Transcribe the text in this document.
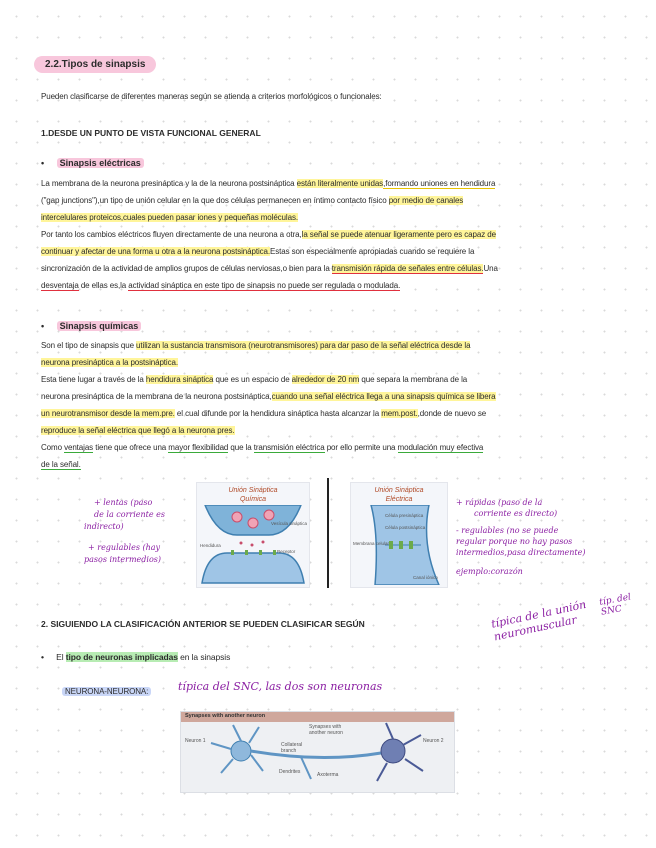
2.2.Tipos de sinapsis
Pueden clasificarse de diferentes maneras según se atienda a criterios morfológicos o funcionales:
1.DESDE UN PUNTO DE VISTA FUNCIONAL GENERAL
• Sinapsis eléctricas
La membrana de la neurona presináptica y la de la neurona postsináptica están literalmente unidas,formando uniones en hendidura
("gap junctions"),un tipo de unión celular en la que dos células permanecen en íntimo contacto físico por medio de canales
intercelulares proteicos,cuales pueden pasar iones y pequeñas moléculas.
Por tanto los cambios eléctricos fluyen directamente de una neurona a otra,la señal se puede atenuar ligeramente pero es capaz de
continuar y afectar de una forma u otra a la neurona postsináptica.Estas son especialmente apropiadas cuando se requiere la
sincronización de la actividad de amplios grupos de células nerviosas,o bien para la transmisión rápida de señales entre células.Una
desventaja de ellas es,la actividad sináptica en este tipo de sinapsis no puede ser regulada o modulada.
• Sinapsis químicas
Son el tipo de sinapsis que utilizan la sustancia transmisora (neurotransmisores) para dar paso de la señal eléctrica desde la
neurona presináptica a la postsináptica.
Esta tiene lugar a través de la hendidura sináptica que es un espacio de alrededor de 20 nm que separa la membrana de la
neurona presináptica de la membrana de la neurona postsináptica,cuando una señal eléctrica llega a una sinapsis química se libera
un neurotransmisor desde la mem.pre. el cual difunde por la hendidura sináptica hasta alcanzar la mem.post.,donde de nuevo se
reproduce la señal eléctrica que llegó a la neurona pres.
Como ventajas tiene que ofrece una mayor flexibilidad que la transmisión eléctrica por ello permite una modulación muy efectiva
de la señal.
+ lentas (paso
de la corriente es
indirecto)
+ regulables (hay
pasos intermedios)
Unión Sináptica Química
Vesícula sináptica
Hendidura
Receptor
Unión Sináptica Eléctrica
Célula presináptica
Célula postsináptica
Canal iónico
Membrana celular
+ rápidas (paso de la
corriente es directo)
- regulables (no se puede
regular porque no hay pasos
intermedios,pasa directamente)
ejemplo:corazón
típica de la unión neuromuscular
típ. del SNC
2. SIGUIENDO LA CLASIFICACIÓN ANTERIOR SE PUEDEN CLASIFICAR SEGÚN
• El tipo de neuronas implicadas en la sinapsis
NEURONA-NEURONA:	típica del SNC, las dos son neuronas
Synapses with another neuron
Neuron 1	Neuron 2
Synapses with another neuron
Collateral branch
Dendrites	Axoterma
